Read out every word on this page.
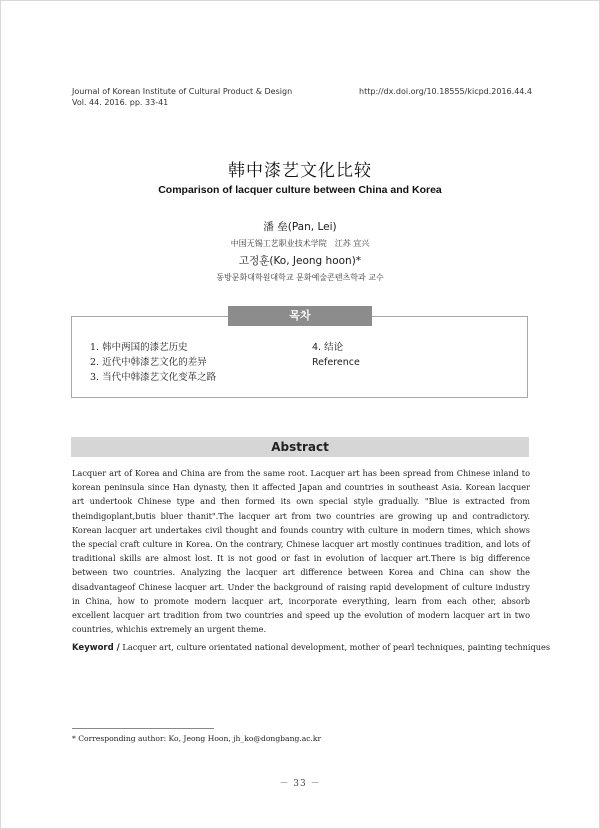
Journal of Korean Institute of Cultural Product & Design
Vol. 44. 2016. pp. 33-41
http://dx.doi.org/10.18555/kicpd.2016.44.4
韩中漆艺文化比较
Comparison of lacquer culture between China and Korea
潘 垒(Pan, Lei)
中国无锡工艺职业技术学院　江苏 宜兴
고정훈(Ko, Jeong hoon)*
동방문화대학원대학교 문화예술콘텐츠학과 교수
목차
1. 韩中两国的漆艺历史
2. 近代中韩漆艺文化的差异
3. 当代中韩漆艺文化变革之路
4. 结论
Reference
Abstract
Lacquer art of Korea and China are from the same root. Lacquer art has been spread from Chinese inland to korean peninsula since Han dynasty, then it affected Japan and countries in southeast Asia. Korean lacquer art undertook Chinese type and then formed its own special style gradually. "Blue is extracted from theindigoplant,butis bluer thanit".The lacquer art from two countries are growing up and contradictory. Korean lacquer art undertakes civil thought and founds country with culture in modern times, which shows the special craft culture in Korea. On the contrary, Chinese lacquer art mostly continues tradition, and lots of traditional skills are almost lost. It is not good or fast in evolution of lacquer art.There is big difference between two countries. Analyzing the lacquer art difference between Korea and China can show the disadvantageof Chinese lacquer art. Under the background of raising rapid development of culture industry in China, how to promote modern lacquer art, incorporate everything, learn from each other, absorb excellent lacquer art tradition from two countries and speed up the evolution of modern lacquer art in two countries, whichis extremely an urgent theme.
Keyword / Lacquer art, culture orientated national development, mother of pearl techniques, painting techniques
* Corresponding author: Ko, Jeong Hoon, jh_ko@dongbang.ac.kr
－ 33 －
